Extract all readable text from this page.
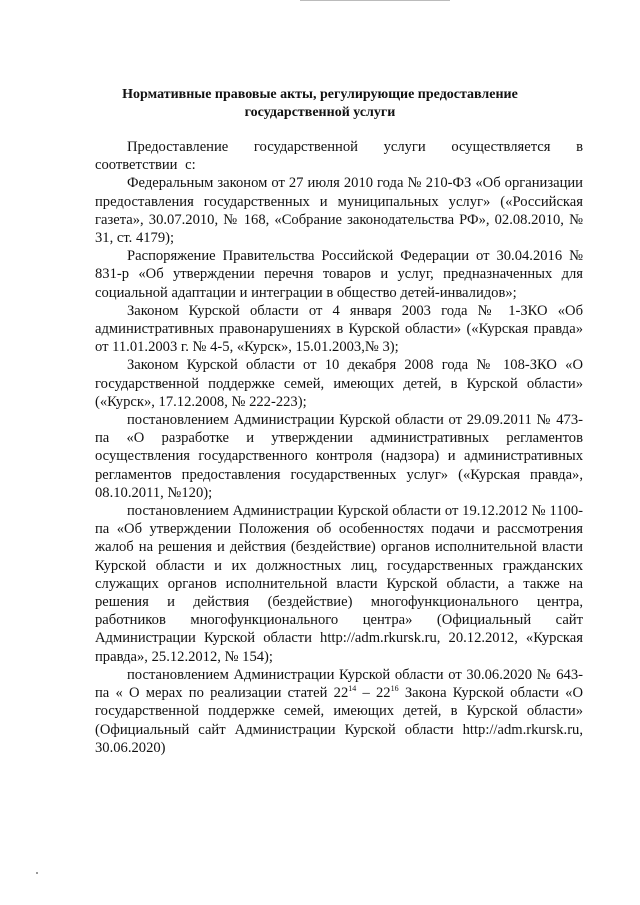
Нормативные правовые акты, регулирующие предоставление
государственной услуги

Предоставление государственной услуги осуществляется в соответствии с:

Федеральным законом от 27 июля 2010 года № 210-ФЗ «Об организации предоставления государственных и муниципальных услуг» («Российская газета», 30.07.2010, № 168, «Собрание законодательства РФ», 02.08.2010, № 31, ст. 4179);

Распоряжение Правительства Российской Федерации от 30.04.2016 № 831-р «Об утверждении перечня товаров и услуг, предназначенных для социальной адаптации и интеграции в общество детей-инвалидов»;

Законом Курской области от 4 января 2003 года № 1-ЗКО «Об административных правонарушениях в Курской области» («Курская правда» от 11.01.2003 г. № 4-5, «Курск», 15.01.2003,№ 3);

Законом Курской области от 10 декабря 2008 года № 108-ЗКО «О государственной поддержке семей, имеющих детей, в Курской области» («Курск», 17.12.2008, № 222-223);

постановлением Администрации Курской области от 29.09.2011 № 473-па «О разработке и утверждении административных регламентов осуществления государственного контроля (надзора) и административных регламентов предоставления государственных услуг» («Курская правда», 08.10.2011, №120);

постановлением Администрации Курской области от 19.12.2012 № 1100-па «Об утверждении Положения об особенностях подачи и рассмотрения жалоб на решения и действия (бездействие) органов исполнительной власти Курской области и их должностных лиц, государственных гражданских служащих органов исполнительной власти Курской области, а также на решения и действия (бездействие) многофункционального центра, работников многофункционального центра» (Официальный сайт Администрации Курской области http://adm.rkursk.ru, 20.12.2012, «Курская правда», 25.12.2012, № 154);

постановлением Администрации Курской области от 30.06.2020 № 643-па « О мерах по реализации статей $22^{14} - 22^{16}$ Закона Курской области «О государственной поддержке семей, имеющих детей, в Курской области» (Официальный сайт Администрации Курской области http://adm.rkursk.ru, 30.06.2020)
